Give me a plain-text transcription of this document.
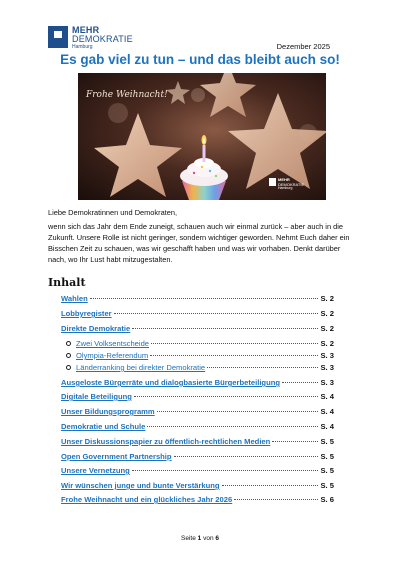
MEHR
DEMOKRATIE
Hamburg	Dezember 2025
Es gab viel zu tun – und das bleibt auch so!
Frohe Weihnacht!
MEHR
DEMOKRATIE
Hamburg
Liebe Demokratinnen und Demokraten,
wenn sich das Jahr dem Ende zuneigt, schauen auch wir einmal zurück – aber auch in die Zukunft. Unsere Rolle ist nicht geringer, sondern wichtiger geworden. Nehmt Euch daher ein Bisschen Zeit zu schauen, was wir geschafft haben und was wir vorhaben. Denkt darüber nach, wo Ihr Lust habt mitzugestalten.
Inhalt
Wahlen	S. 2
Lobbyregister	S. 2
Direkte Demokratie	S. 2
Zwei Volksentscheide	S. 2
Olympia-Referendum	S. 3
Länderranking bei direkter Demokratie	S. 3
Ausgeloste Bürgerräte und dialogbasierte Bürgerbeteiligung	S. 3
Digitale Beteiligung	S. 4
Unser Bildungsprogramm	S. 4
Demokratie und Schule	S. 4
Unser Diskussionspapier zu öffentlich-rechtlichen Medien	S. 5
Open Government Partnership	S. 5
Unsere Vernetzung	S. 5
Wir wünschen junge und bunte Verstärkung	S. 5
Frohe Weihnacht und ein glückliches Jahr 2026	S. 6
Seite 1 von 6
